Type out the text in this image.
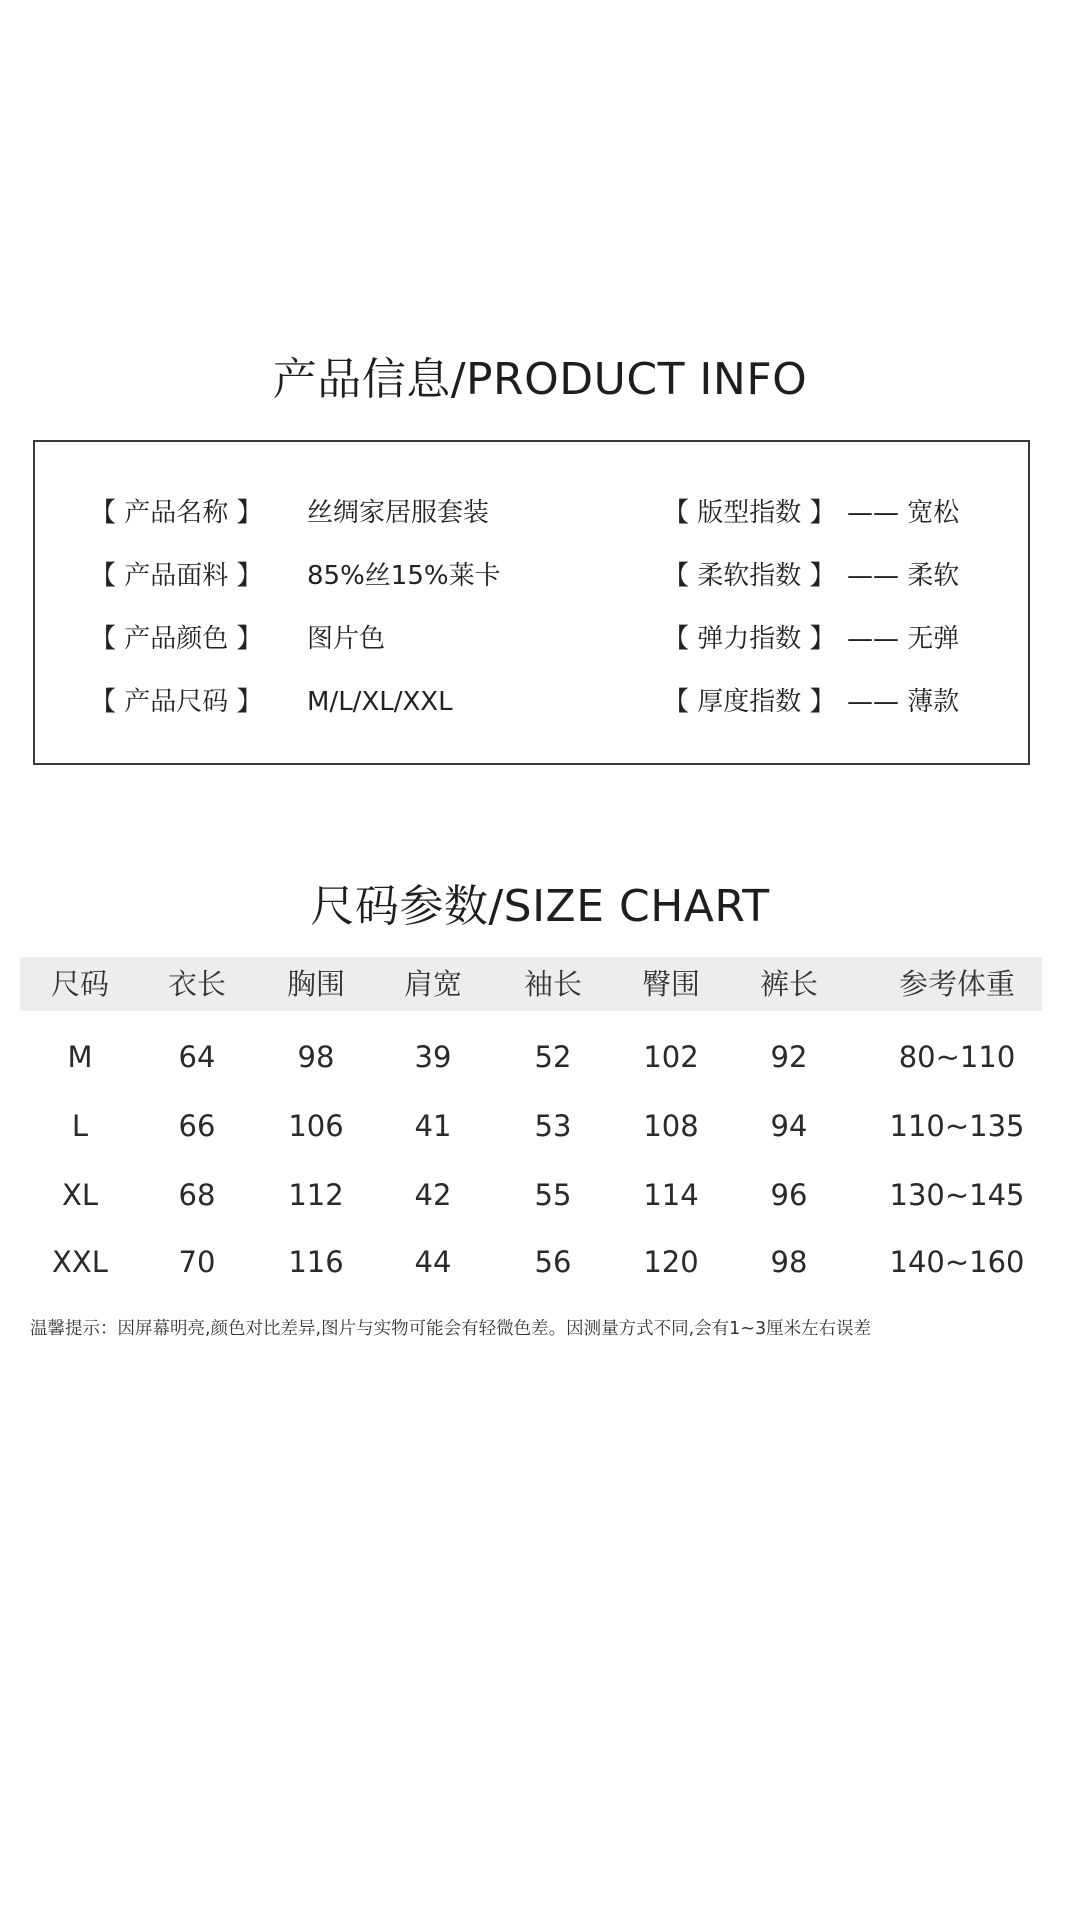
产品信息/PRODUCT INFO
【 产品名称 】 丝绸家居服套装
【 产品面料 】 85%丝15%莱卡
【 产品颜色 】 图片色
【 产品尺码 】 M/L/XL/XXL
【 版型指数 】 —— 宽松
【 柔软指数 】 —— 柔软
【 弹力指数 】 —— 无弹
【 厚度指数 】 —— 薄款
尺码参数/SIZE CHART
尺码 衣长 胸围 肩宽 袖长 臀围 裤长	参考体重
M	64	98	39	52 102 92	80~110
L	66	106 41	53 108 94	110~135
XL	68	112 42	55 114 96	130~145
XXL 70	116 44	56 120 98	140~160
温馨提示：因屏幕明亮,颜色对比差异,图片与实物可能会有轻微色差。因测量方式不同,会有1~3厘米左右误差
